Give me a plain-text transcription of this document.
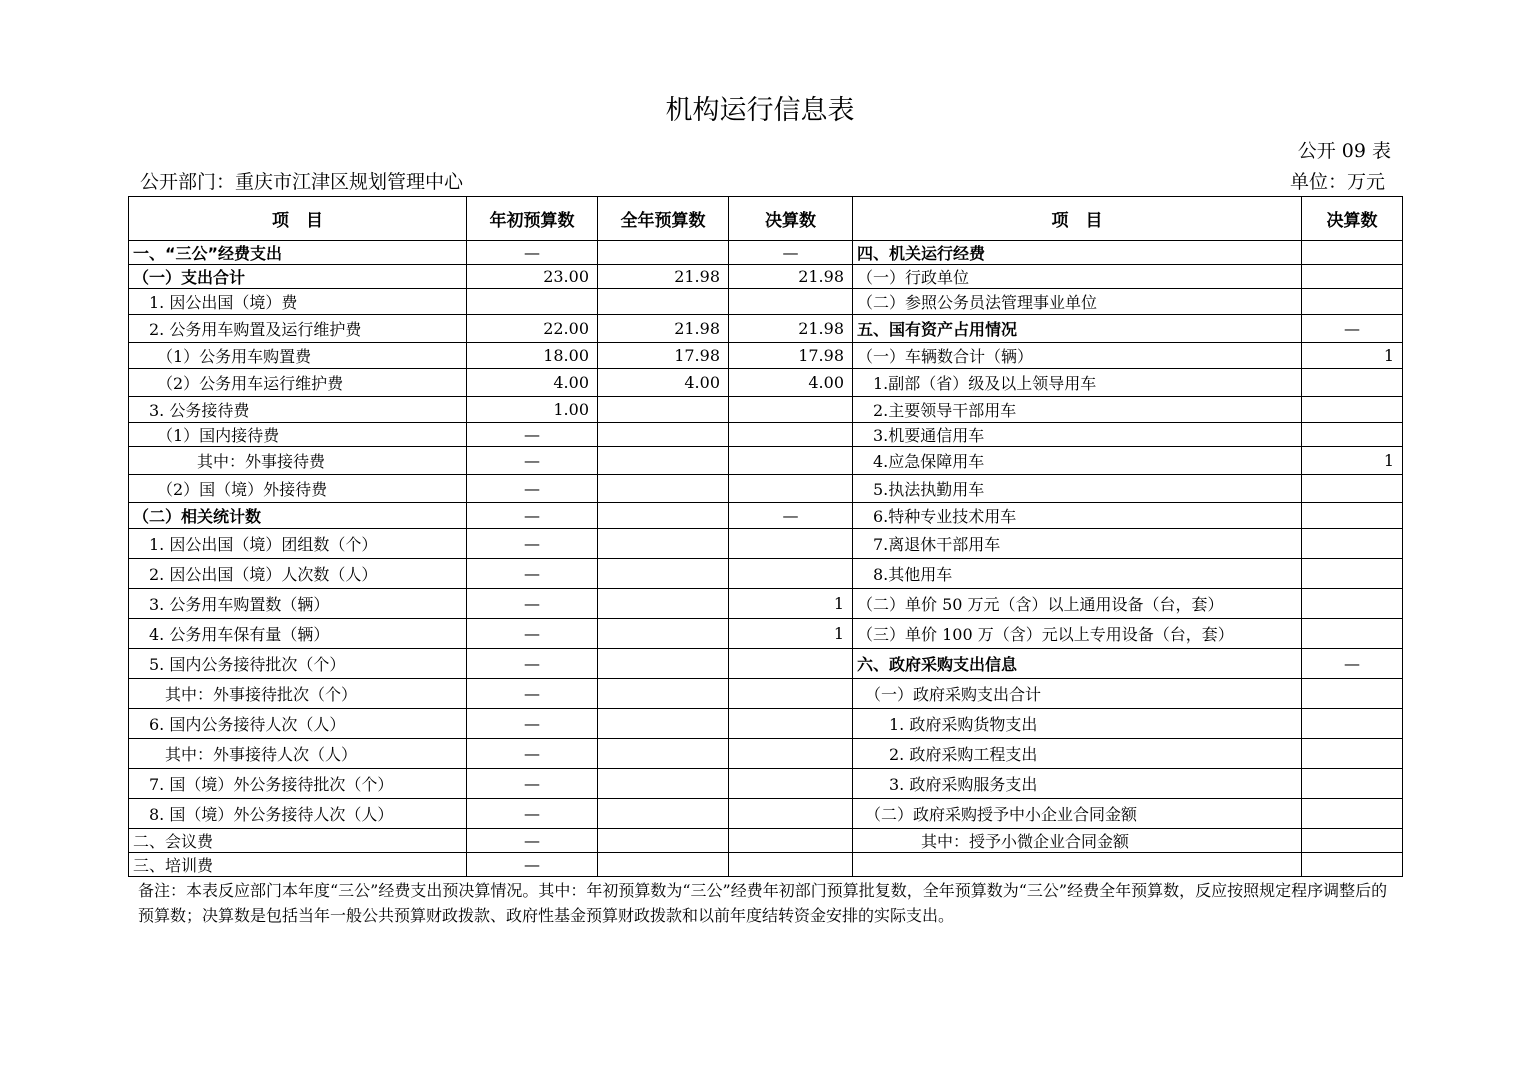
机构运行信息表
公开 09 表
公开部门：重庆市江津区规划管理中心	单位：万元
项　目	年初预算数	全年预算数	决算数	项　目	决算数
一、“三公”经费支出	—		—	四、机关运行经费	
（一）支出合计	23.00	21.98	21.98	（一）行政单位	
　1. 因公出国（境）费				（二）参照公务员法管理事业单位	
　2. 公务用车购置及运行维护费	22.00	21.98	21.98	五、国有资产占用情况	—
　　（1）公务用车购置费	18.00	17.98	17.98	（一）车辆数合计（辆）	1
　　（2）公务用车运行维护费	4.00	4.00	4.00	　1.副部（省）级及以上领导用车	
　3. 公务接待费	1.00			　2.主要领导干部用车	
　　（1）国内接待费	—			　3.机要通信用车	
　　　　其中：外事接待费	—			　4.应急保障用车	1
　　（2）国（境）外接待费	—			　5.执法执勤用车	
（二）相关统计数	—		—	　6.特种专业技术用车	
　1. 因公出国（境）团组数（个）	—			　7.离退休干部用车	
　2. 因公出国（境）人次数（人）	—			　8.其他用车	
　3. 公务用车购置数（辆）	—		1	（二）单价 50 万元（含）以上通用设备（台，套）	
　4. 公务用车保有量（辆）	—		1	（三）单价 100 万（含）元以上专用设备（台，套）	
　5. 国内公务接待批次（个）	—			六、政府采购支出信息	—
　　其中：外事接待批次（个）	—			　（一）政府采购支出合计	
　6. 国内公务接待人次（人）	—			　　1. 政府采购货物支出	
　　其中：外事接待人次（人）	—			　　2. 政府采购工程支出	
　7. 国（境）外公务接待批次（个）	—			　　3. 政府采购服务支出	
　8. 国（境）外公务接待人次（人）	—			　（二）政府采购授予中小企业合同金额	
二、会议费	—			　　　　其中：授予小微企业合同金额	
三、培训费	—				
备注：本表反应部门本年度“三公”经费支出预决算情况。其中：年初预算数为“三公”经费年初部门预算批复数，全年预算数为“三公”经费全年预算数，反应按照规定程序调整后的预算数；决算数是包括当年一般公共预算财政拨款、政府性基金预算财政拨款和以前年度结转资金安排的实际支出。
